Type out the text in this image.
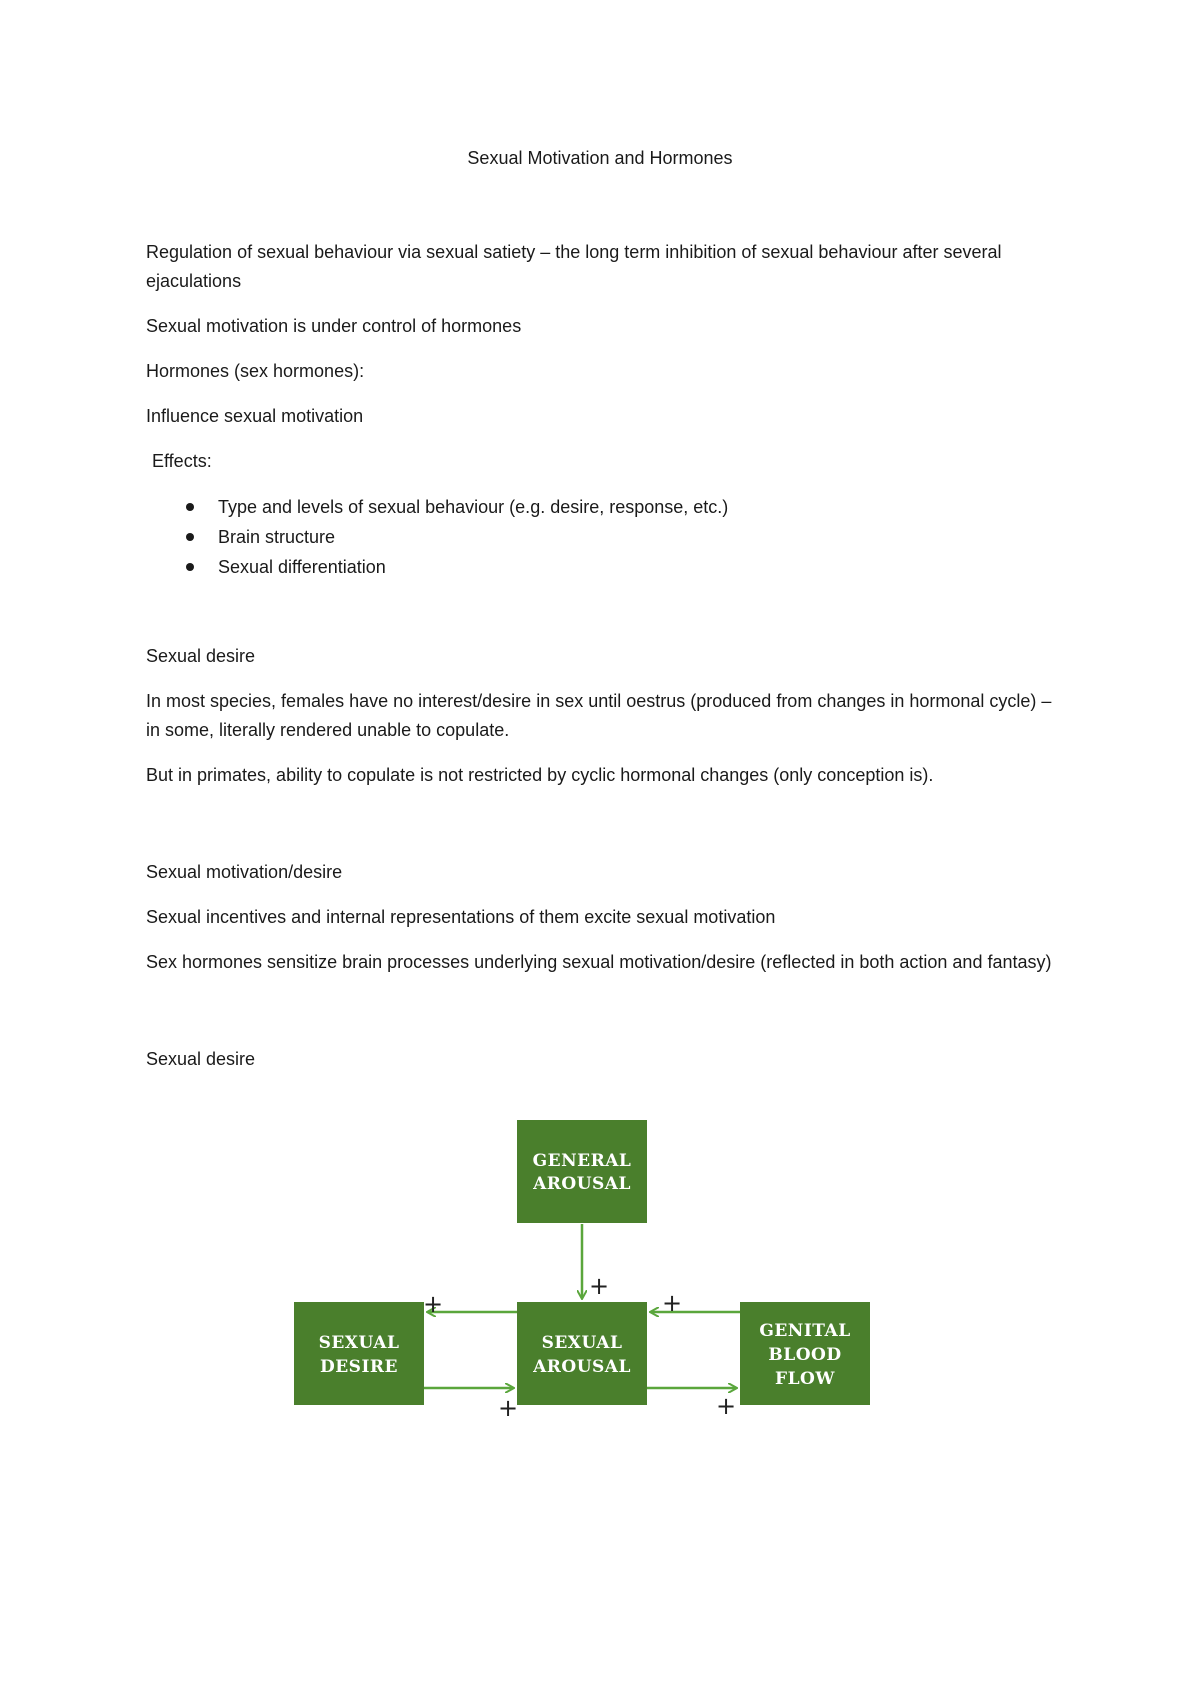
Sexual Motivation and Hormones

Regulation of sexual behaviour via sexual satiety – the long term inhibition of sexual behaviour after several ejaculations

Sexual motivation is under control of hormones

Hormones (sex hormones):

Influence sexual motivation

Effects:

Type and levels of sexual behaviour (e.g. desire, response, etc.)
Brain structure
Sexual differentiation

Sexual desire

In most species, females have no interest/desire in sex until oestrus (produced from changes in hormonal cycle) – in some, literally rendered unable to copulate.

But in primates, ability to copulate is not restricted by cyclic hormonal changes (only conception is).

Sexual motivation/desire

Sexual incentives and internal representations of them excite sexual motivation

Sex hormones sensitize brain processes underlying sexual motivation/desire (reflected in both action and fantasy)

Sexual desire

GENERAL
AROUSAL
SEXUAL
DESIRE
SEXUAL
AROUSAL
GENITAL
BLOOD
FLOW
+
+
+
+	+
